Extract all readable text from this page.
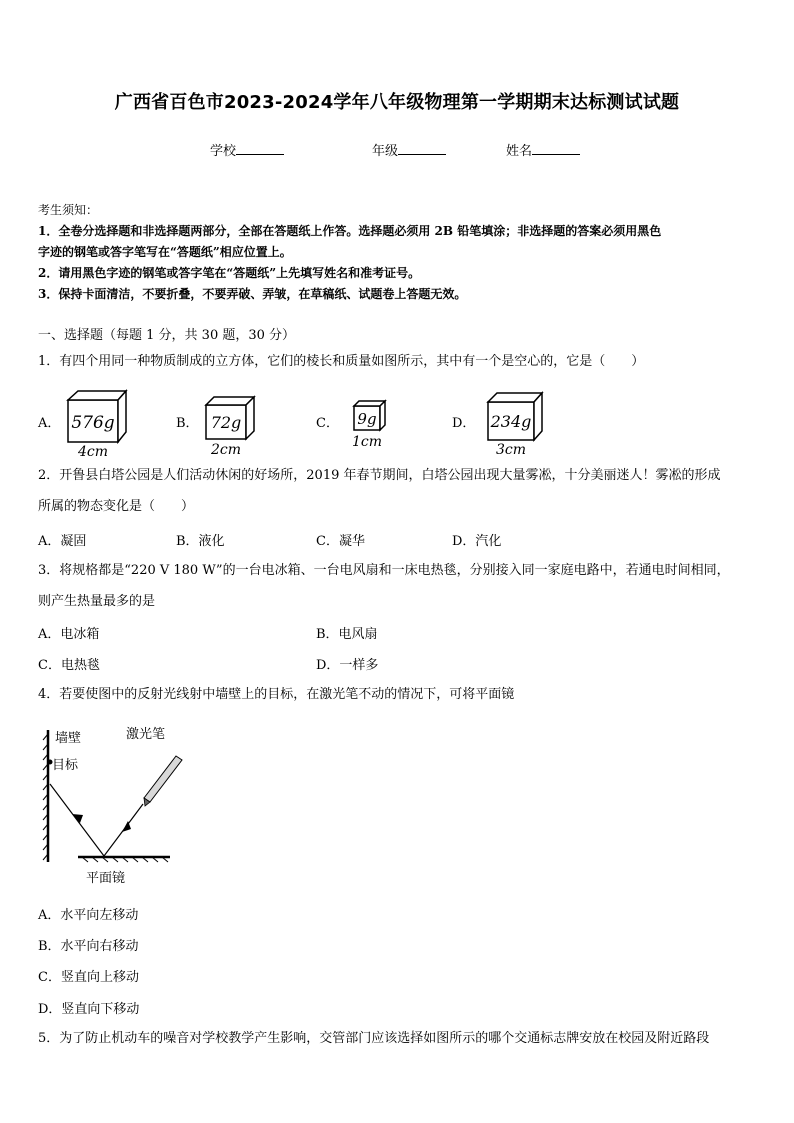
广西省百色市2023-2024学年八年级物理第一学期期末达标测试试题
学校	年级	姓名
考生须知：
1．全卷分选择题和非选择题两部分，全部在答题纸上作答。选择题必须用 2B 铅笔填涂；非选择题的答案必须用黑色
字迹的钢笔或答字笔写在“答题纸”相应位置上。
2．请用黑色字迹的钢笔或答字笔在“答题纸”上先填写姓名和准考证号。
3．保持卡面清洁，不要折叠，不要弄破、弄皱，在草稿纸、试题卷上答题无效。
一、选择题（每题 1 分，共 30 题，30 分）
1．有四个用同一种物质制成的立方体，它们的棱长和质量如图所示，其中有一个是空心的，它是（　　）
A． 576g
4cm
B． 72g
2cm
C． 9g
1cm
D． 234g
3cm
2．开鲁县白塔公园是人们活动休闲的好场所，2019 年春节期间，白塔公园出现大量雾凇，十分美丽迷人！雾凇的形成
所属的物态变化是（　　）
A．凝固	B．液化	C．凝华	D．汽化
3．将规格都是“220 V 180 W”的一台电冰箱、一台电风扇和一床电热毯，分别接入同一家庭电路中，若通电时间相同，
则产生热量最多的是
A．电冰箱	B．电风扇
C．电热毯	D．一样多
4．若要使图中的反射光线射中墙壁上的目标，在激光笔不动的情况下，可将平面镜
墙壁
目标
激光笔
平面镜
A．水平向左移动
B．水平向右移动
C．竖直向上移动
D．竖直向下移动
5．为了防止机动车的噪音对学校教学产生影响，交管部门应该选择如图所示的哪个交通标志牌安放在校园及附近路段
